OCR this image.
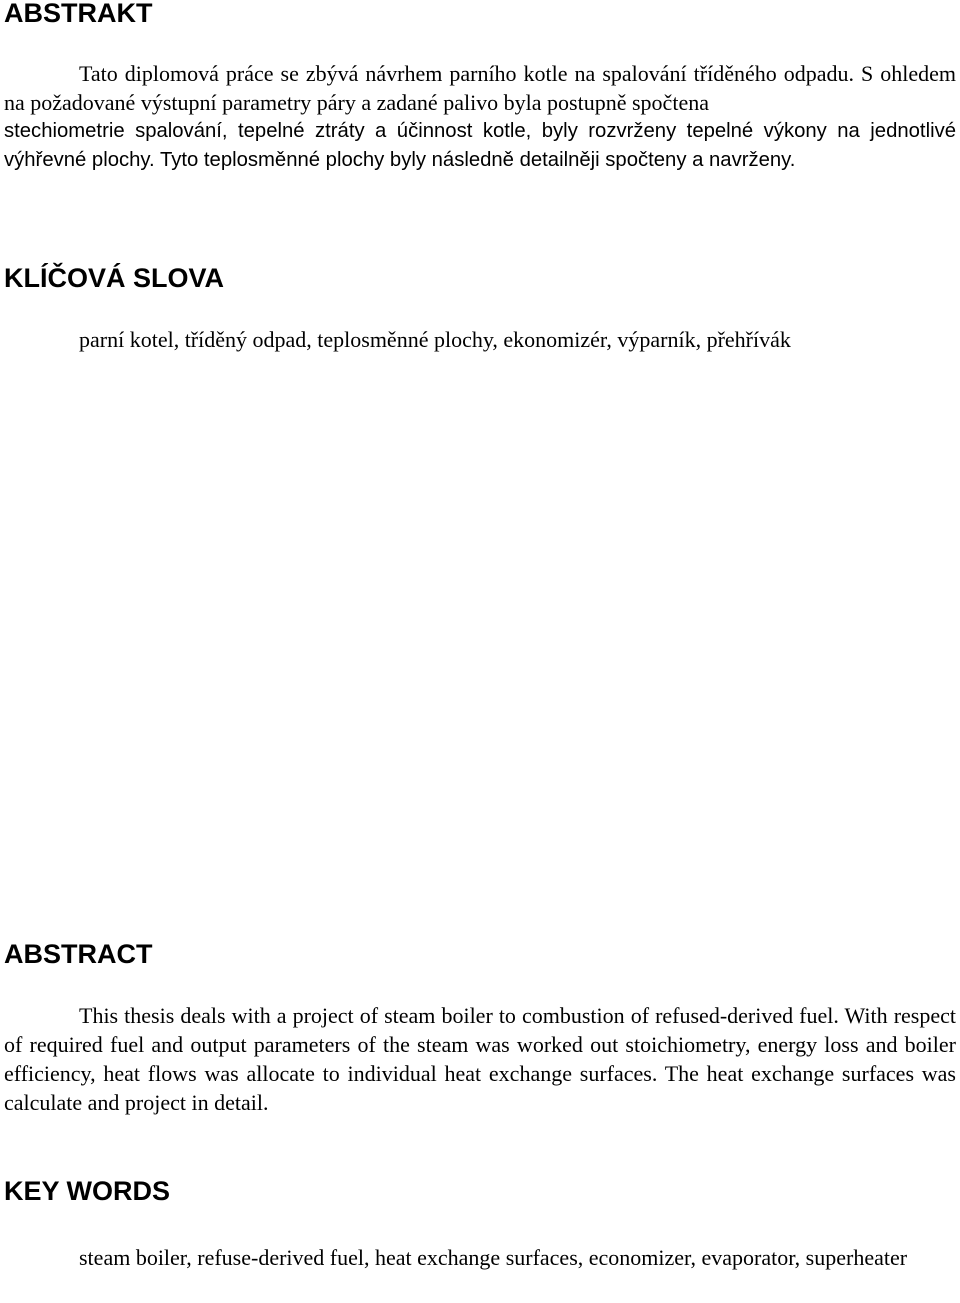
ABSTRAKT

Tato diplomová práce se zbývá návrhem parního kotle na spalování tříděného odpadu. S ohledem na požadované výstupní parametry páry a zadané palivo byla postupně spočtena

stechiometrie spalování, tepelné ztráty a účinnost kotle, byly rozvrženy tepelné výkony na jednotlivé výhřevné plochy. Tyto teplosměnné plochy byly následně detailněji spočteny a navrženy.

KLÍČOVÁ SLOVA

parní kotel, tříděný odpad, teplosměnné plochy, ekonomizér, výparník, přehřívák

ABSTRACT

This thesis deals with a project of steam boiler to combustion of refused-derived fuel. With respect of required fuel and output parameters of the steam was worked out stoichiometry, energy loss and boiler efficiency, heat flows was allocate to individual heat exchange surfaces. The heat exchange surfaces was calculate and project in detail.

KEY WORDS

steam boiler, refuse-derived fuel, heat exchange surfaces, economizer, evaporator, superheater
